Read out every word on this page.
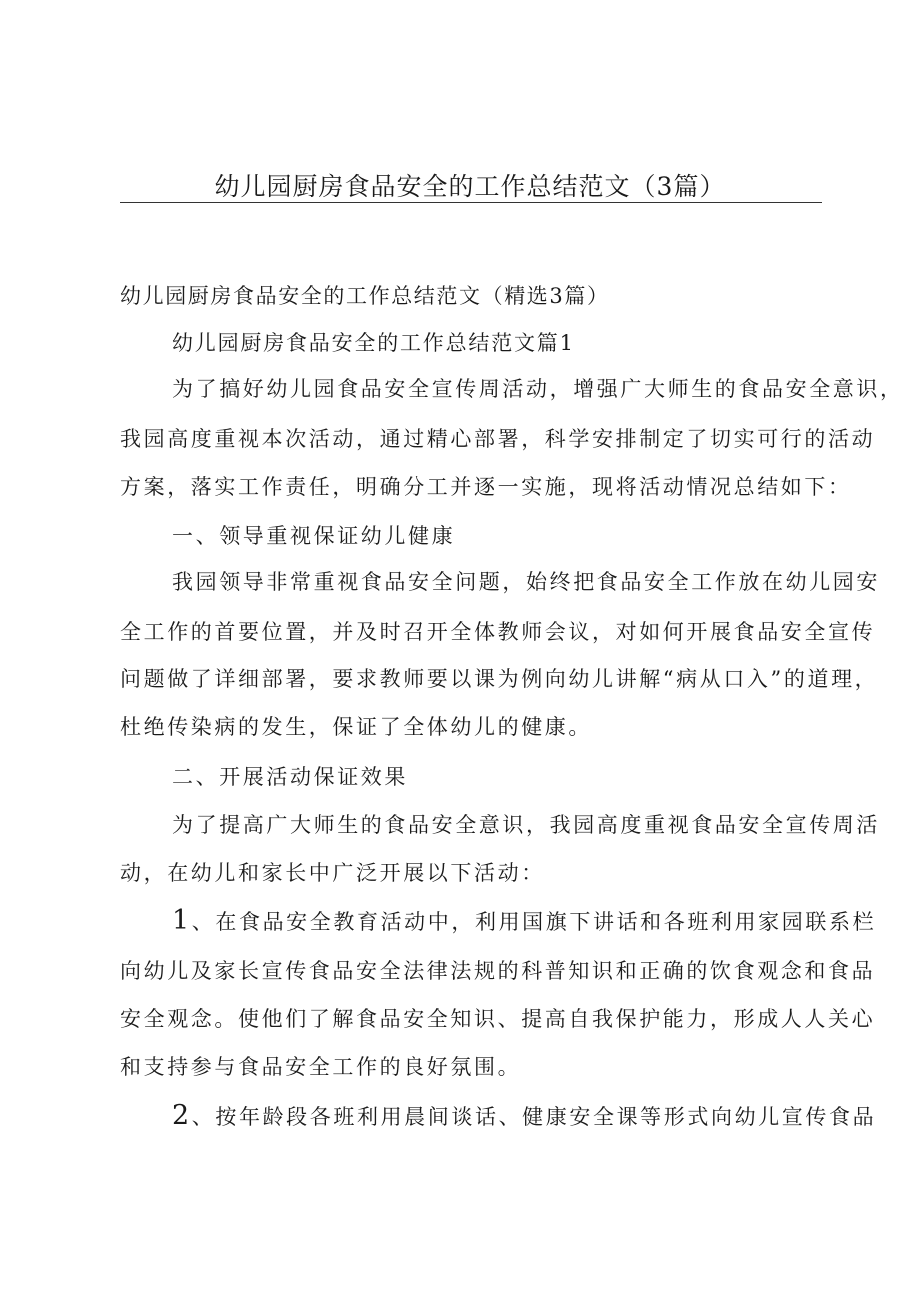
幼儿园厨房食品安全的工作总结范文（3篇）
幼儿园厨房食品安全的工作总结范文（精选3篇）
幼儿园厨房食品安全的工作总结范文篇1
为了搞好幼儿园食品安全宣传周活动，增强广大师生的食品安全意识，
我园高度重视本次活动，通过精心部署，科学安排制定了切实可行的活动
方案，落实工作责任，明确分工并逐一实施，现将活动情况总结如下：
一、领导重视保证幼儿健康
我园领导非常重视食品安全问题，始终把食品安全工作放在幼儿园安
全工作的首要位置，并及时召开全体教师会议，对如何开展食品安全宣传
问题做了详细部署，要求教师要以课为例向幼儿讲解“病从口入”的道理，
杜绝传染病的发生，保证了全体幼儿的健康。
二、开展活动保证效果
为了提高广大师生的食品安全意识，我园高度重视食品安全宣传周活
动，在幼儿和家长中广泛开展以下活动：
1、在食品安全教育活动中，利用国旗下讲话和各班利用家园联系栏
向幼儿及家长宣传食品安全法律法规的科普知识和正确的饮食观念和食品
安全观念。使他们了解食品安全知识、提高自我保护能力，形成人人关心
和支持参与食品安全工作的良好氛围。
2、按年龄段各班利用晨间谈话、健康安全课等形式向幼儿宣传食品
